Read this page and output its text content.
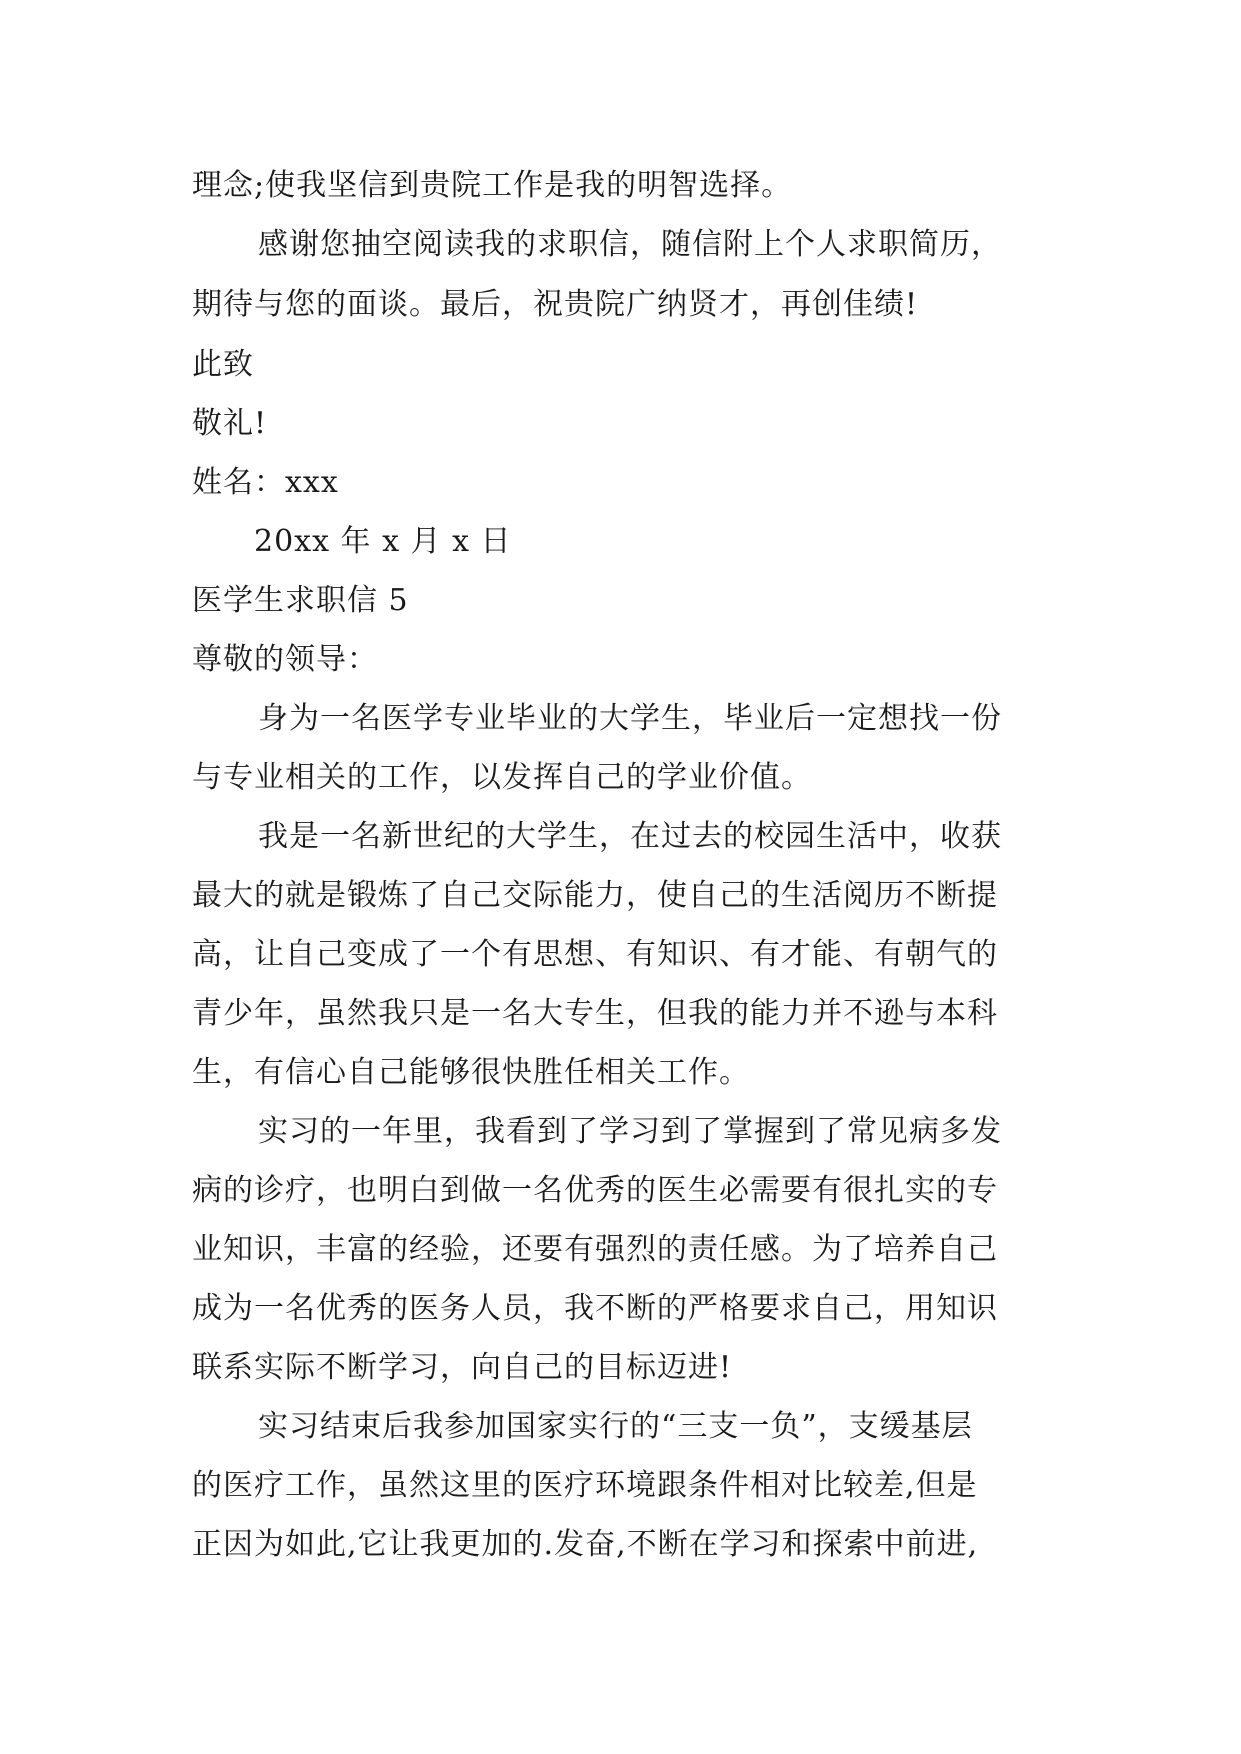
理念;使我坚信到贵院工作是我的明智选择。
感谢您抽空阅读我的求职信，随信附上个人求职简历，
期待与您的面谈。最后，祝贵院广纳贤才，再创佳绩!
此致
敬礼!
姓名：xxx
20xx 年 x 月 x 日
医学生求职信 5
尊敬的领导：
身为一名医学专业毕业的大学生，毕业后一定想找一份
与专业相关的工作，以发挥自己的学业价值。
我是一名新世纪的大学生，在过去的校园生活中，收获
最大的就是锻炼了自己交际能力，使自己的生活阅历不断提
高，让自己变成了一个有思想、有知识、有才能、有朝气的
青少年，虽然我只是一名大专生，但我的能力并不逊与本科
生，有信心自己能够很快胜任相关工作。
实习的一年里，我看到了学习到了掌握到了常见病多发
病的诊疗，也明白到做一名优秀的医生必需要有很扎实的专
业知识，丰富的经验，还要有强烈的责任感。为了培养自己
成为一名优秀的医务人员，我不断的严格要求自己，用知识
联系实际不断学习，向自己的目标迈进!
实习结束后我参加国家实行的“三支一负”，支缓基层
的医疗工作，虽然这里的医疗环境跟条件相对比较差,但是
正因为如此,它让我更加的.发奋,不断在学习和探索中前进,
